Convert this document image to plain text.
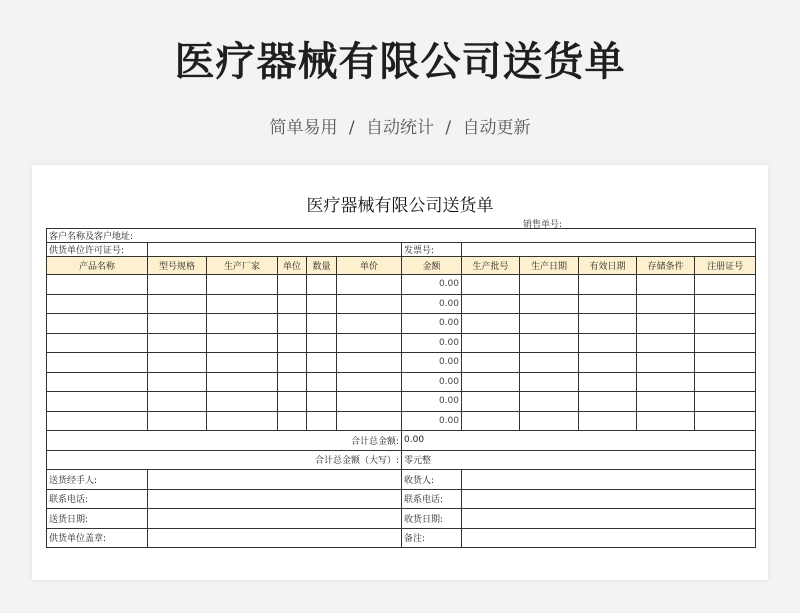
医疗器械有限公司送货单
简单易用 / 自动统计 / 自动更新
医疗器械有限公司送货单
销售单号:
客户名称及客户地址:											
供货单位许可证号:						发票号:					
产品名称	型号规格	生产厂家	单位	数量	单价	金额	生产批号	生产日期	有效日期	存储条件	注册证号
						0.00					
						0.00					
						0.00					
						0.00					
						0.00					
						0.00					
						0.00					
						0.00					
合计总金额:						0.00					
合计总金额（大写）:						零元整					
送货经手人:						收货人:					
联系电话:						联系电话:					
送货日期:						收货日期:					
供货单位盖章:						备注:					
